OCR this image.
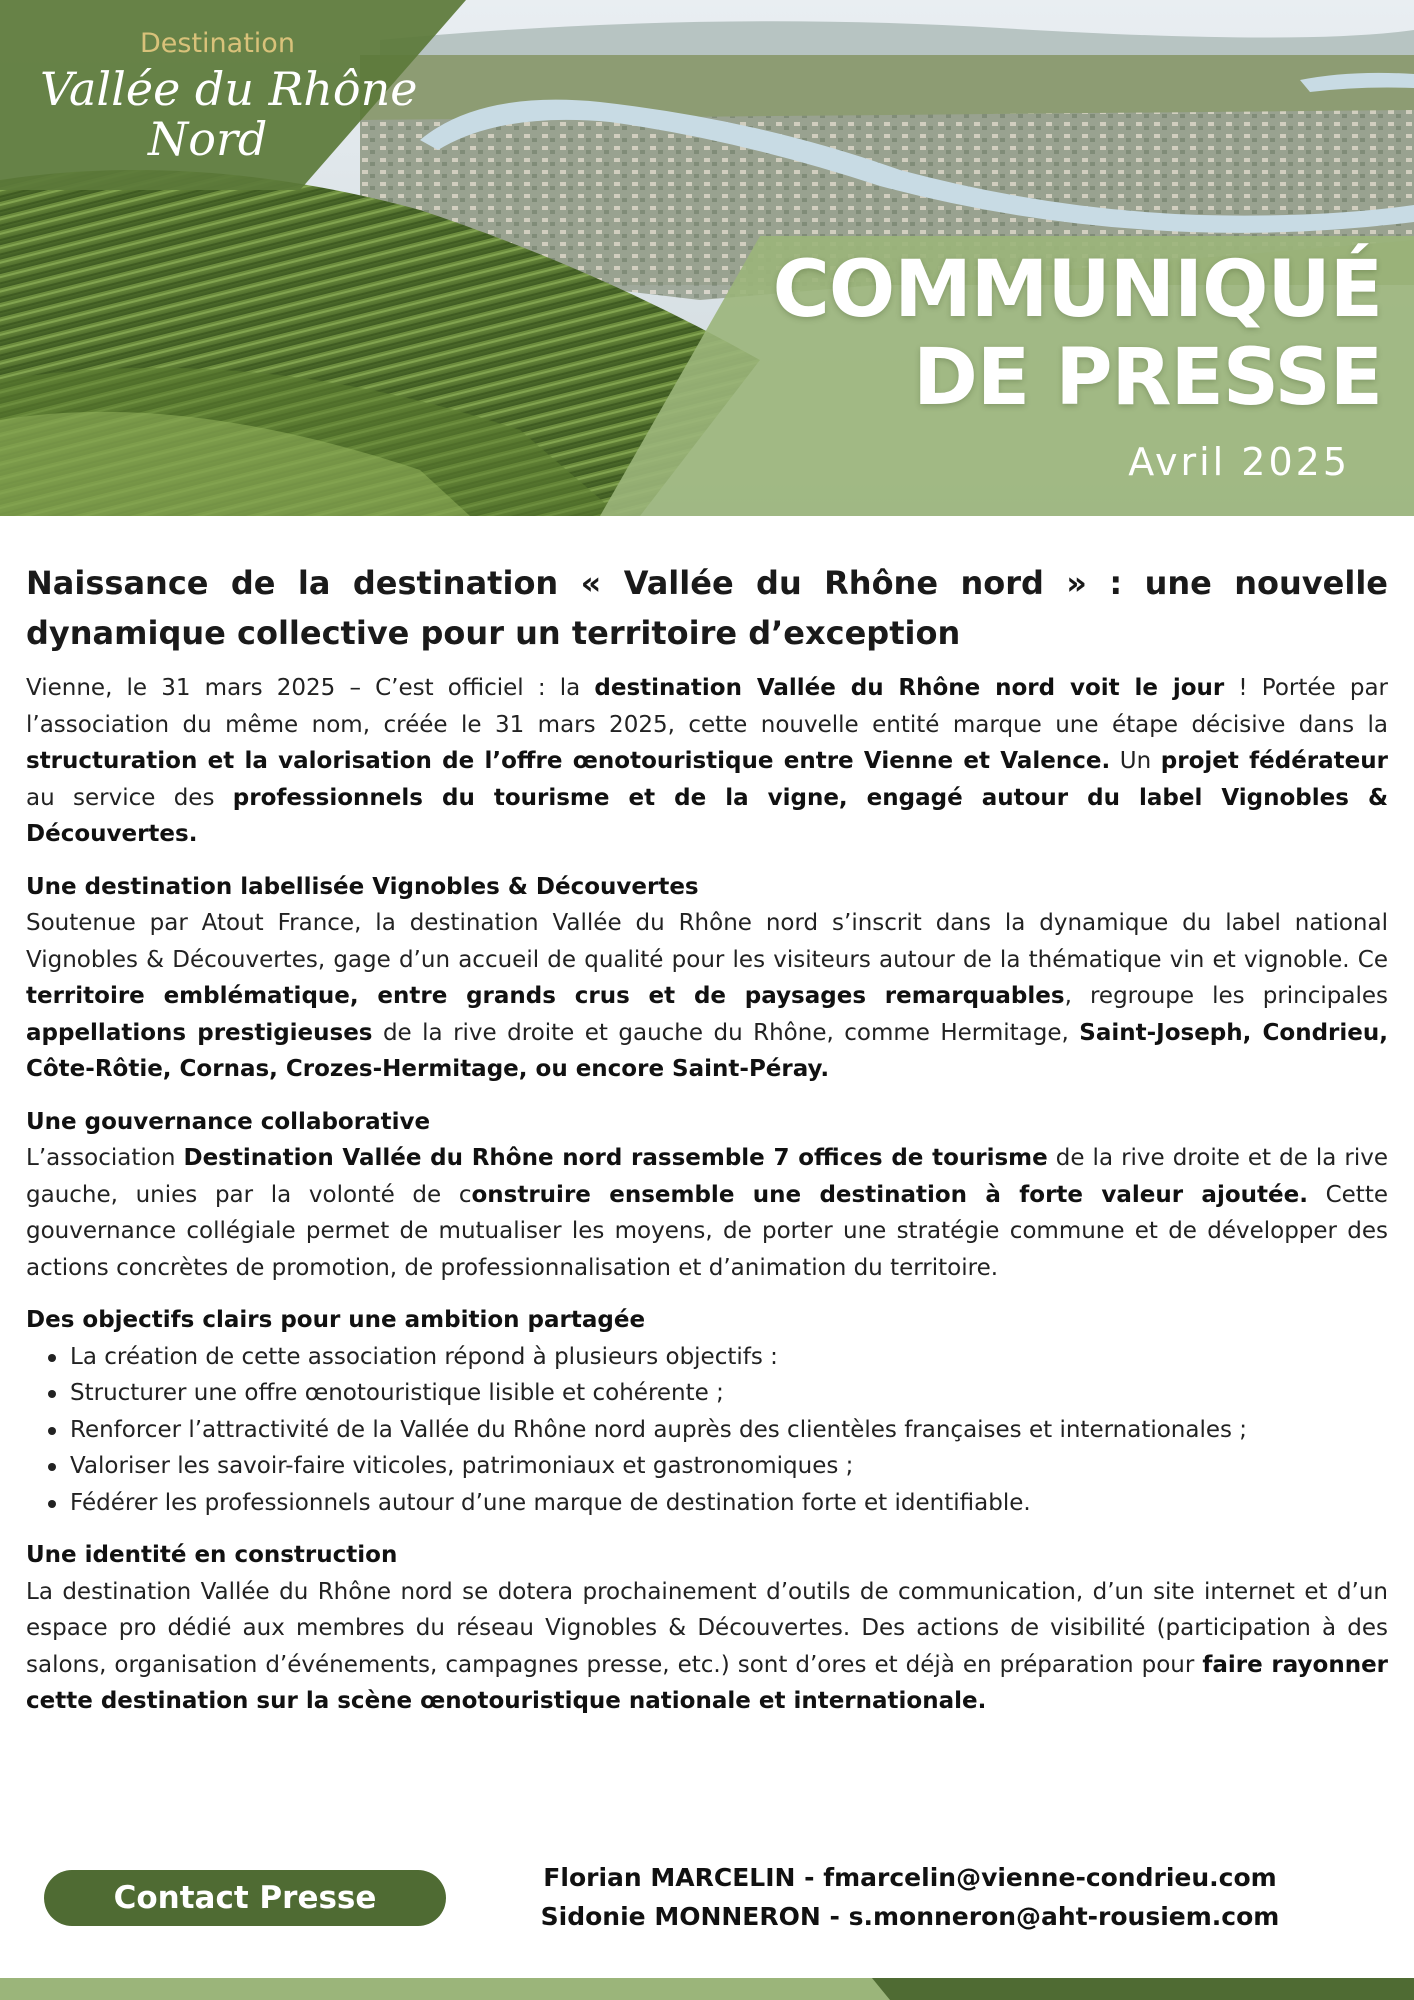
Destination
Vallée du Rhône
Nord
COMMUNIQUÉ
DE PRESSE
Avril 2025
Naissance de la destination « Vallée du Rhône nord » : une nouvelle dynamique collective pour un territoire d’exception

Vienne, le 31 mars 2025 – C’est officiel : la destination Vallée du Rhône nord voit le jour ! Portée par l’association du même nom, créée le 31 mars 2025, cette nouvelle entité marque une étape décisive dans la structuration et la valorisation de l’offre œnotouristique entre Vienne et Valence. Un projet fédérateur au service des professionnels du tourisme et de la vigne, engagé autour du label Vignobles & Découvertes.

Une destination labellisée Vignobles & Découvertes

Soutenue par Atout France, la destination Vallée du Rhône nord s’inscrit dans la dynamique du label national Vignobles & Découvertes, gage d’un accueil de qualité pour les visiteurs autour de la thématique vin et vignoble. Ce territoire emblématique, entre grands crus et de paysages remarquables, regroupe les principales appellations prestigieuses de la rive droite et gauche du Rhône, comme Hermitage, Saint-Joseph, Condrieu, Côte-Rôtie, Cornas, Crozes-Hermitage, ou encore Saint-Péray.

Une gouvernance collaborative

L’association Destination Vallée du Rhône nord rassemble 7 offices de tourisme de la rive droite et de la rive gauche, unies par la volonté de construire ensemble une destination à forte valeur ajoutée. Cette gouvernance collégiale permet de mutualiser les moyens, de porter une stratégie commune et de développer des actions concrètes de promotion, de professionnalisation et d’animation du territoire.

Des objectifs clairs pour une ambition partagée
La création de cette association répond à plusieurs objectifs :
Structurer une offre œnotouristique lisible et cohérente ;
Renforcer l’attractivité de la Vallée du Rhône nord auprès des clientèles françaises et internationales ;
Valoriser les savoir-faire viticoles, patrimoniaux et gastronomiques ;
Fédérer les professionnels autour d’une marque de destination forte et identifiable.
Une identité en construction

La destination Vallée du Rhône nord se dotera prochainement d’outils de communication, d’un site internet et d’un espace pro dédié aux membres du réseau Vignobles & Découvertes. Des actions de visibilité (participation à des salons, organisation d’événements, campagnes presse, etc.) sont d’ores et déjà en préparation pour faire rayonner cette destination sur la scène œnotouristique nationale et internationale.

Contact Presse
Florian MARCELIN - fmarcelin@vienne-condrieu.com
Sidonie MONNERON - s.monneron@aht-rousiem.com
